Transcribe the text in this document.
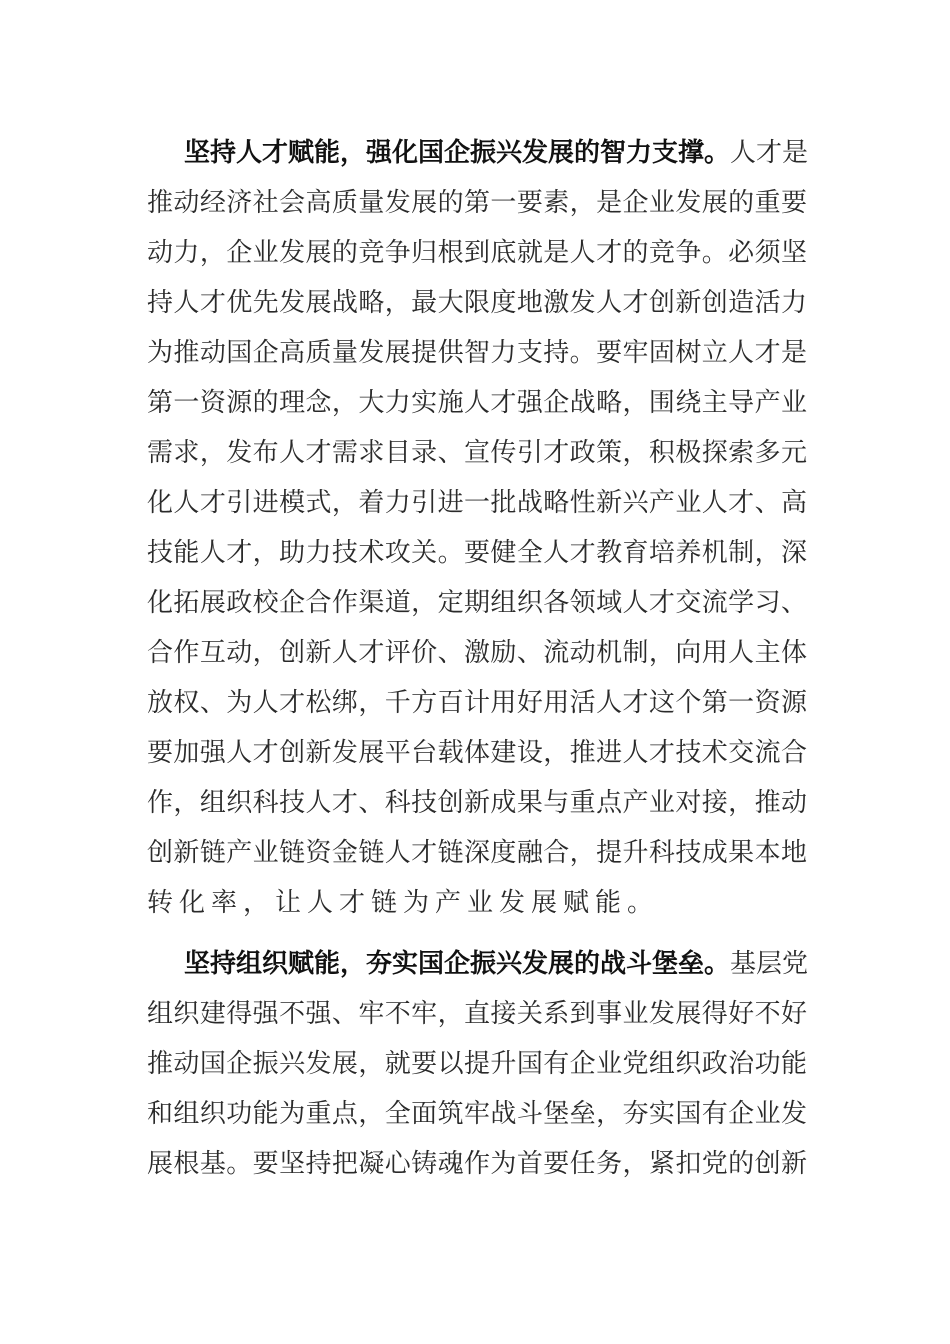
坚持人才赋能，强化国企振兴发展的智力支撑。人才是
推动经济社会高质量发展的第一要素，是企业发展的重要
动力，企业发展的竞争归根到底就是人才的竞争。必须坚
持人才优先发展战略，最大限度地激发人才创新创造活力
为推动国企高质量发展提供智力支持。要牢固树立人才是
第一资源的理念，大力实施人才强企战略，围绕主导产业
需求，发布人才需求目录、宣传引才政策，积极探索多元
化人才引进模式，着力引进一批战略性新兴产业人才、高
技能人才，助力技术攻关。要健全人才教育培养机制，深
化拓展政校企合作渠道，定期组织各领域人才交流学习、
合作互动，创新人才评价、激励、流动机制，向用人主体
放权、为人才松绑，千方百计用好用活人才这个第一资源
要加强人才创新发展平台载体建设，推进人才技术交流合
作，组织科技人才、科技创新成果与重点产业对接，推动
创新链产业链资金链人才链深度融合，提升科技成果本地
转化率，让人才链为产业发展赋能。
坚持组织赋能，夯实国企振兴发展的战斗堡垒。基层党
组织建得强不强、牢不牢，直接关系到事业发展得好不好
推动国企振兴发展，就要以提升国有企业党组织政治功能
和组织功能为重点，全面筑牢战斗堡垒，夯实国有企业发
展根基。要坚持把凝心铸魂作为首要任务，紧扣党的创新
